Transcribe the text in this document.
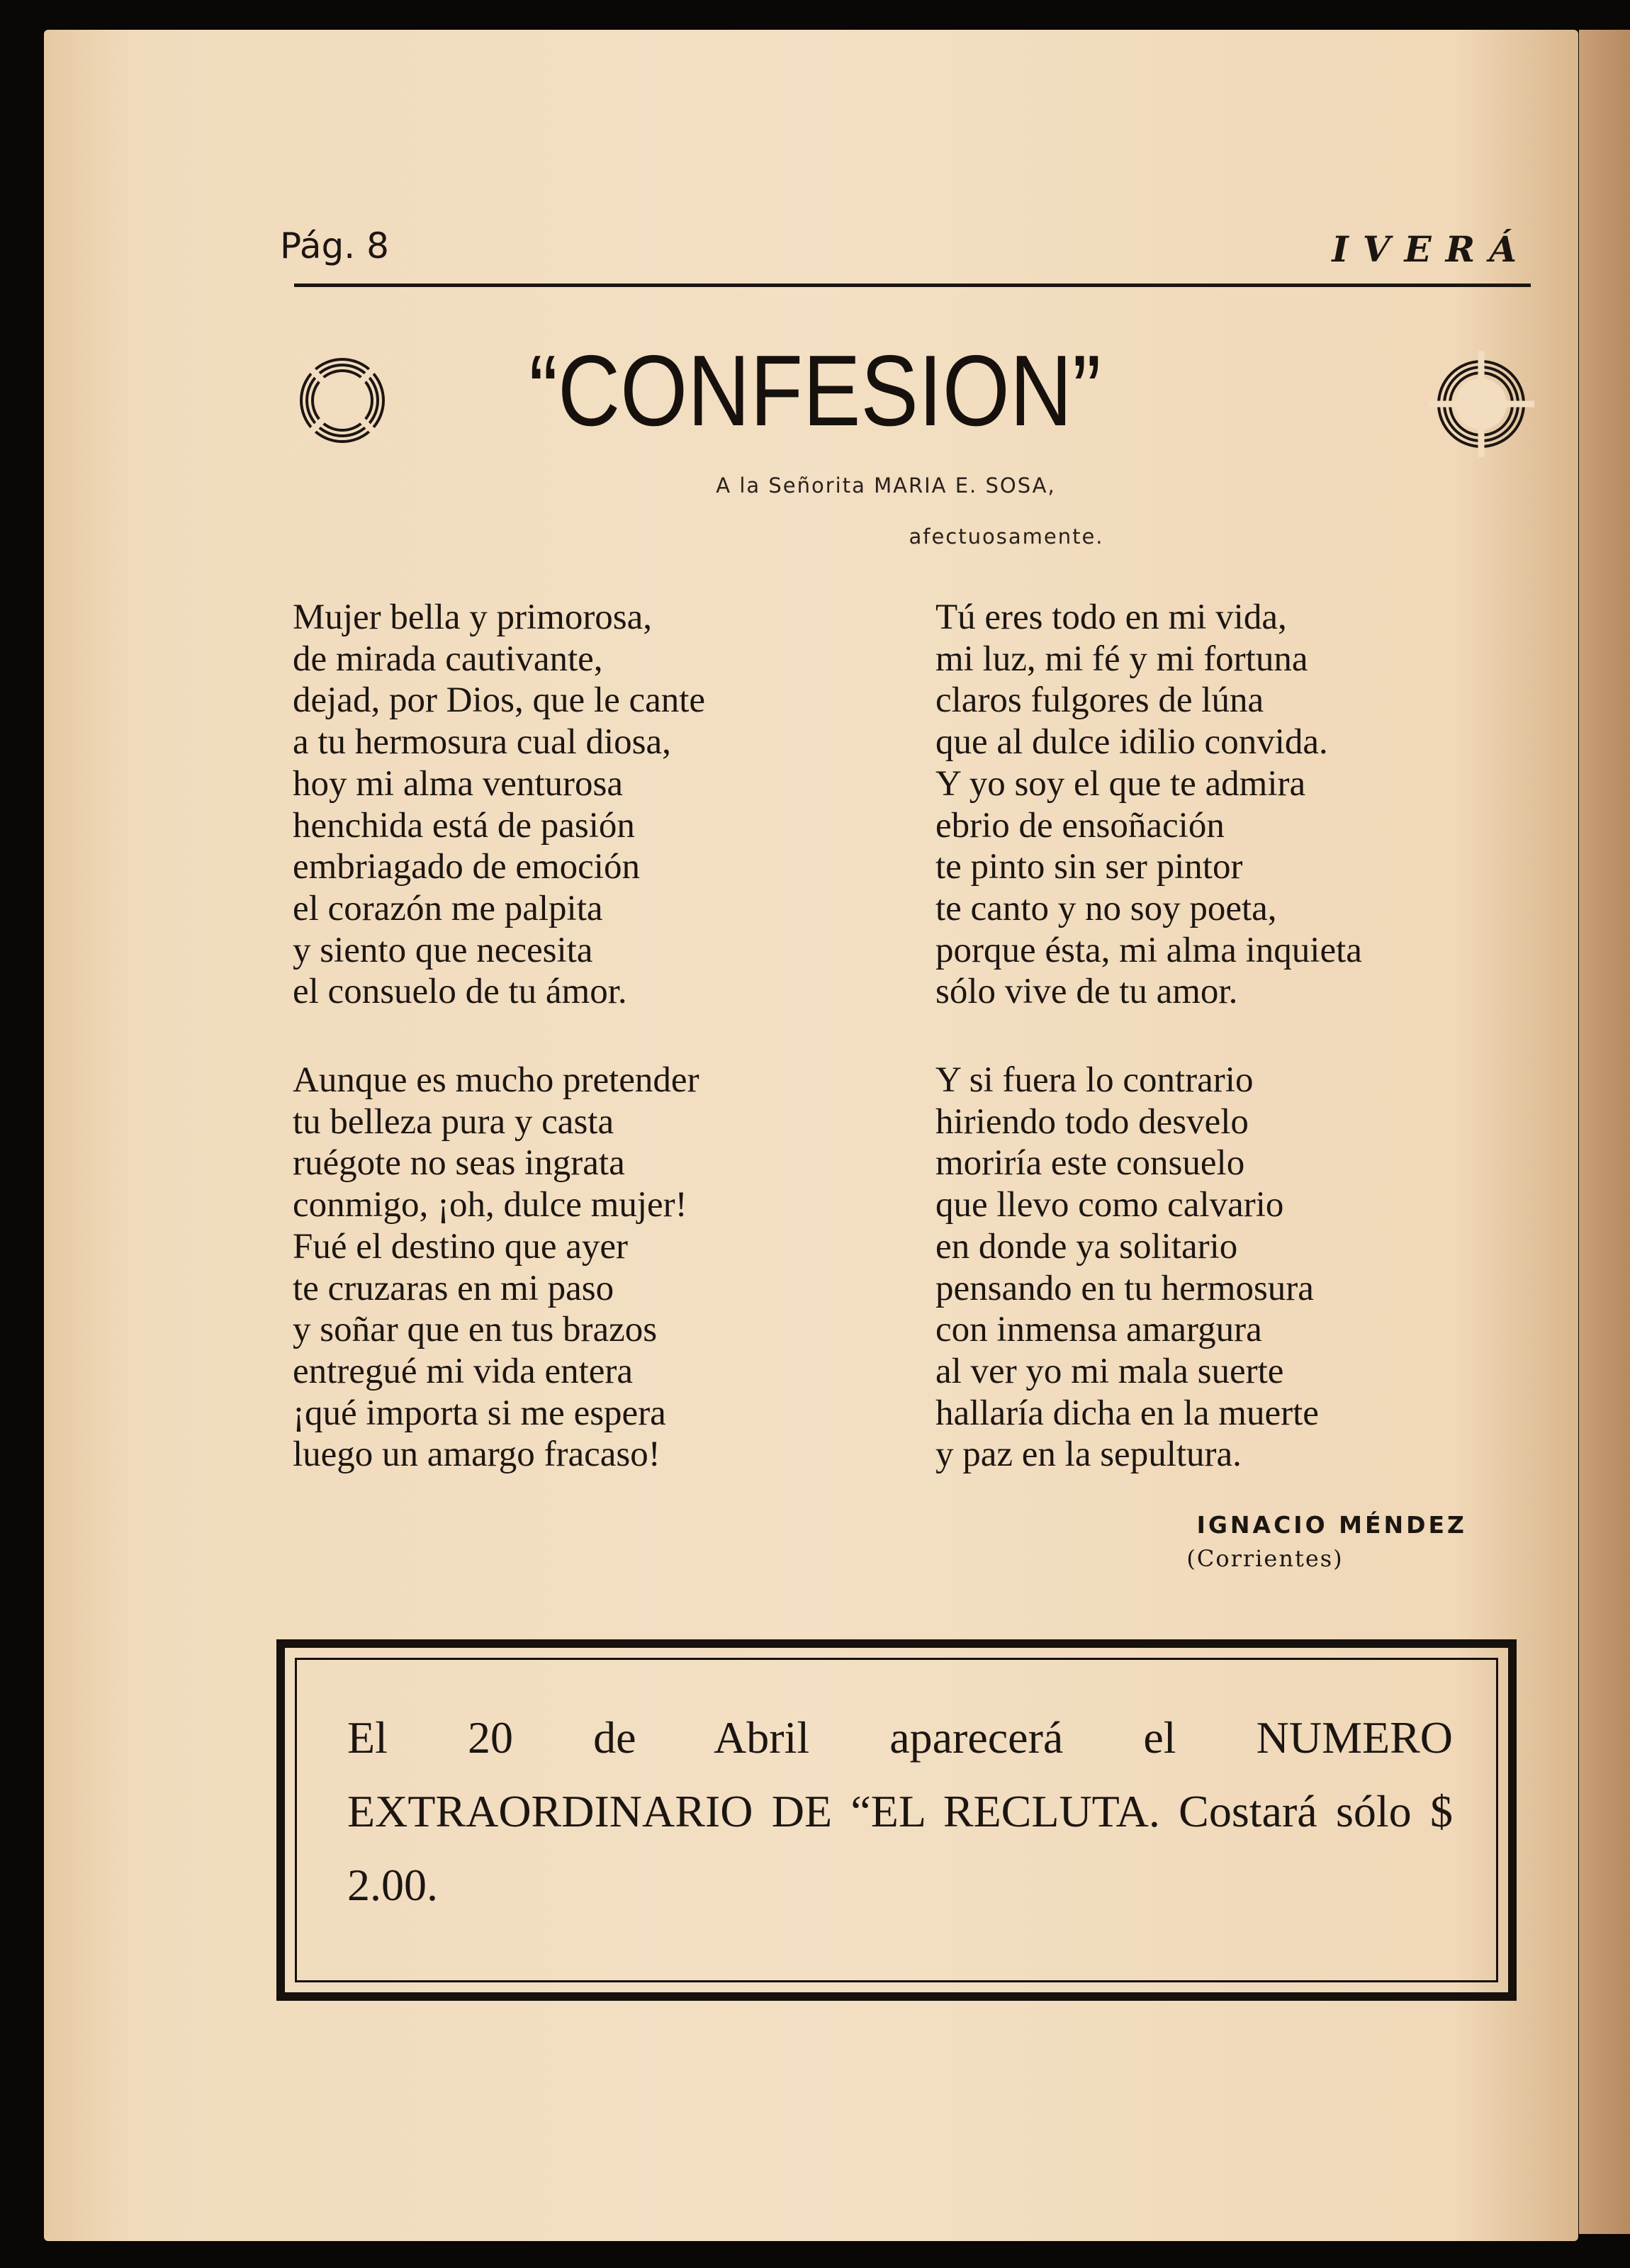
Pág. 8	IVERÁ
“CONFESION”
A la Señorita MARIA E. SOSA,
afectuosamente.
Mujer bella y primorosa,
de mirada cautivante,
dejad, por Dios, que le cante
a tu hermosura cual diosa,
hoy mi alma venturosa
henchida está de pasión
embriagado de emoción
el corazón me palpita
y siento que necesita
el consuelo de tu ámor.
Aunque es mucho pretender
tu belleza pura y casta
ruégote no seas ingrata
conmigo, ¡oh, dulce mujer!
Fué el destino que ayer
te cruzaras en mi paso
y soñar que en tus brazos
entregué mi vida entera
¡qué importa si me espera
luego un amargo fracaso!
Tú eres todo en mi vida,
mi luz, mi fé y mi fortuna
claros fulgores de lúna
que al dulce idilio convida.
Y yo soy el que te admira
ebrio de ensoñación
te pinto sin ser pintor
te canto y no soy poeta,
porque ésta, mi alma inquieta
sólo vive de tu amor.
Y si fuera lo contrario
hiriendo todo desvelo
moriría este consuelo
que llevo como calvario
en donde ya solitario
pensando en tu hermosura
con inmensa amargura
al ver yo mi mala suerte
hallaría dicha en la muerte
y paz en la sepultura.
IGNACIO MÉNDEZ
(Corrientes)

El 20 de Abril aparecerá el NUMERO EXTRAORDINARIO DE “EL RECLUTA. Costará sólo $ 2.00.
